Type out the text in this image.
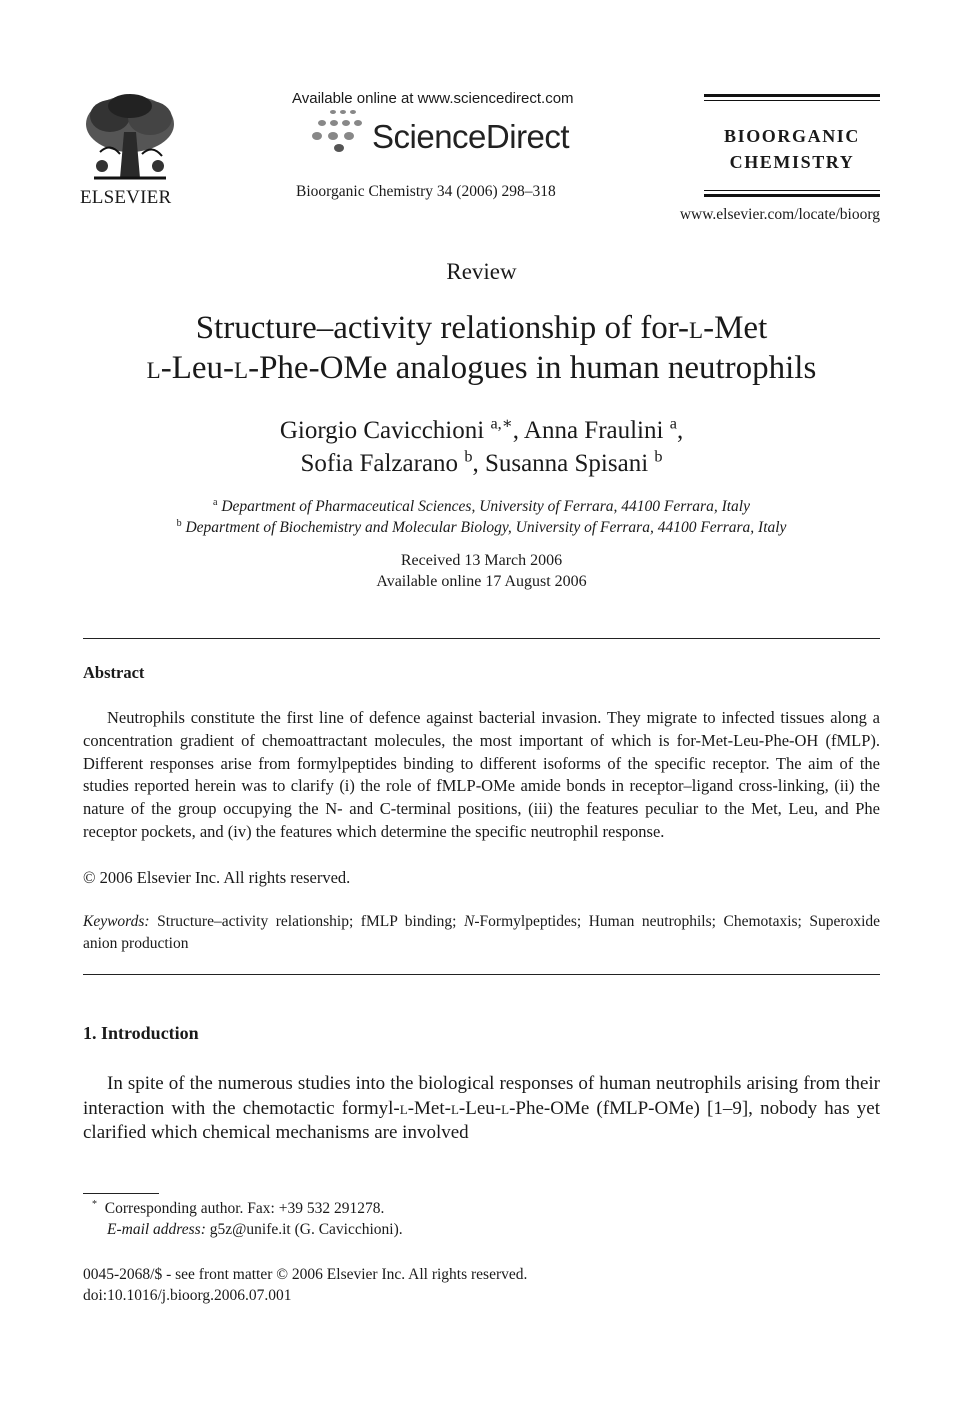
ELSEVIER
Available online at www.sciencedirect.com
ScienceDirect
Bioorganic Chemistry 34 (2006) 298–318
BIOORGANIC
CHEMISTRY
www.elsevier.com/locate/bioorg
Review
Structure–activity relationship of for-l-Met
l-Leu-l-Phe-OMe analogues in human neutrophils
Giorgio Cavicchioni $^{a,∗}$, Anna Fraulini $^a$,
Sofia Falzarano $^b$, Susanna Spisani $^b$
$^a$ Department of Pharmaceutical Sciences, University of Ferrara, 44100 Ferrara, Italy
$^b$ Department of Biochemistry and Molecular Biology, University of Ferrara, 44100 Ferrara, Italy
Received 13 March 2006
Available online 17 August 2006
Abstract
Neutrophils constitute the first line of defence against bacterial invasion. They migrate to infected tissues along a concentration gradient of chemoattractant molecules, the most important of which is for-Met-Leu-Phe-OH (fMLP). Different responses arise from formylpeptides binding to different isoforms of the specific receptor. The aim of the studies reported herein was to clarify (i) the role of fMLP-OMe amide bonds in receptor–ligand cross-linking, (ii) the nature of the group occupying the N- and C-terminal positions, (iii) the features peculiar to the Met, Leu, and Phe receptor pockets, and (iv) the features which determine the specific neutrophil response.
© 2006 Elsevier Inc. All rights reserved.
Keywords: Structure–activity relationship; fMLP binding; N-Formylpeptides; Human neutrophils; Chemotaxis; Superoxide anion production
1. Introduction
In spite of the numerous studies into the biological responses of human neutrophils arising from their interaction with the chemotactic formyl-l-Met-l-Leu-l-Phe-OMe (fMLP-OMe) [1–9], nobody has yet clarified which chemical mechanisms are involved
* Corresponding author. Fax: +39 532 291278.
E-mail address: g5z@unife.it (G. Cavicchioni).
0045-2068/$ - see front matter © 2006 Elsevier Inc. All rights reserved.
doi:10.1016/j.bioorg.2006.07.001
